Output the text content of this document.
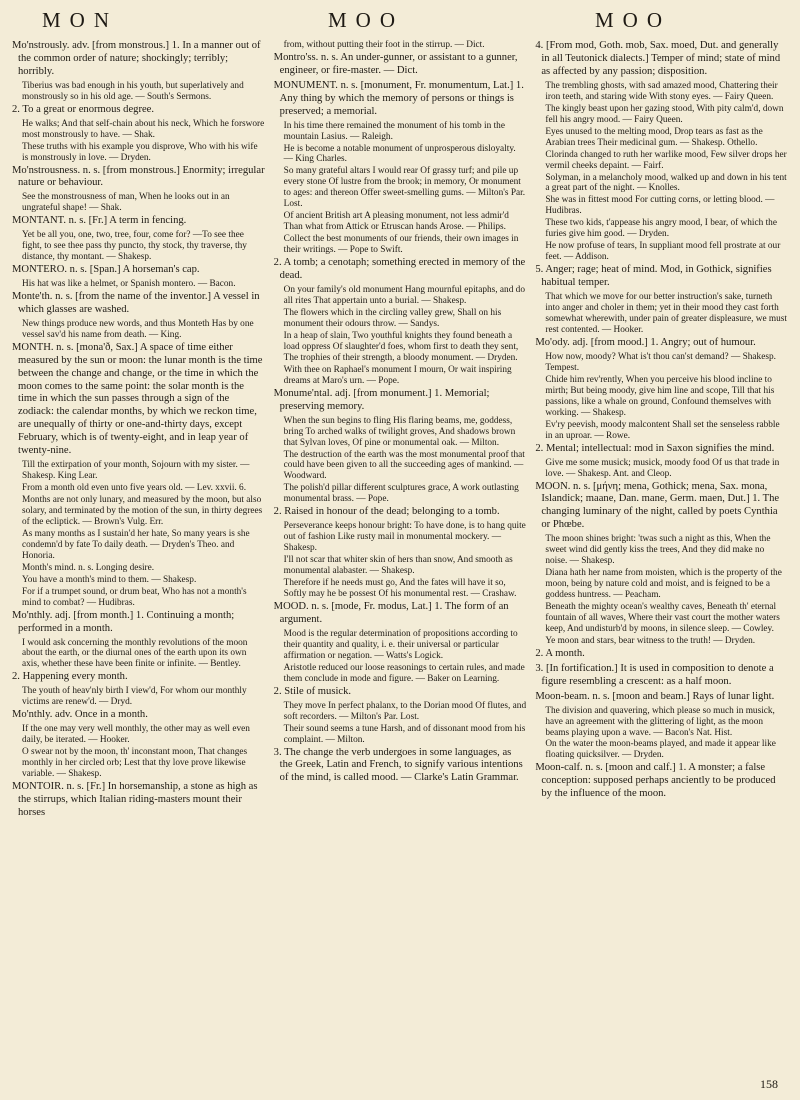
MON	MOO	MOO

Mo'nstrously. adv. [from monstrous.] 1. In a manner out of the common order of nature; shockingly; terribly; horribly.

Tiberius was bad enough in his youth, but superlatively and monstrously so in his old age. — South's Sermons.

2. To a great or enormous degree.

He walks; And that self-chain about his neck, Which he forswore most monstrously to have. — Shak.

These truths with his example you disprove, Who with his wife is monstrously in love. — Dryden.

Mo'nstrousness. n. s. [from monstrous.] Enormity; irregular nature or behaviour.

See the monstrousness of man, When he looks out in an ungrateful shape! — Shak.

MONTANT. n. s. [Fr.] A term in fencing.

Yet be all you, one, two, tree, four, come for? —To see thee fight, to see thee pass thy puncto, thy stock, thy traverse, thy distance, thy montant. — Shakesp.

MONTERO. n. s. [Span.] A horseman's cap.

His hat was like a helmet, or Spanish montero. — Bacon.

Monte'th. n. s. [from the name of the inventor.] A vessel in which glasses are washed.

New things produce new words, and thus Monteth Has by one vessel sav'd his name from death. — King.

MONTH. n. s. [mona'ð, Sax.] A space of time either measured by the sun or moon: the lunar month is the time between the change and change, or the time in which the moon comes to the same point: the solar month is the time in which the sun passes through a sign of the zodiack: the calendar months, by which we reckon time, are unequally of thirty or one-and-thirty days, except February, which is of twenty-eight, and in leap year of twenty-nine.

Till the extirpation of your month, Sojourn with my sister. — Shakesp. King Lear.

From a month old even unto five years old. — Lev. xxvii. 6.

Months are not only lunary, and measured by the moon, but also solary, and terminated by the motion of the sun, in thirty degrees of the ecliptick. — Brown's Vulg. Err.

As many months as I sustain'd her hate, So many years is she condemn'd by fate To daily death. — Dryden's Theo. and Honoria.

Month's mind. n. s. Longing desire.

You have a month's mind to them. — Shakesp.

For if a trumpet sound, or drum beat, Who has not a month's mind to combat? — Hudibras.

Mo'nthly. adj. [from month.] 1. Continuing a month; performed in a month.

I would ask concerning the monthly revolutions of the moon about the earth, or the diurnal ones of the earth upon its own axis, whether these have been finite or infinite. — Bentley.

2. Happening every month.

The youth of heav'nly birth I view'd, For whom our monthly victims are renew'd. — Dryd.

Mo'nthly. adv. Once in a month.

If the one may very well monthly, the other may as well even daily, be iterated. — Hooker.

O swear not by the moon, th' inconstant moon, That changes monthly in her circled orb; Lest that thy love prove likewise variable. — Shakesp.

MONTOIR. n. s. [Fr.] In horsemanship, a stone as high as the stirrups, which Italian riding-masters mount their horses

from, without putting their foot in the stirrup. — Dict.

Montro'ss. n. s. An under-gunner, or assistant to a gunner, engineer, or fire-master. — Dict.

MONUMENT. n. s. [monument, Fr. monumentum, Lat.] 1. Any thing by which the memory of persons or things is preserved; a memorial.

In his time there remained the monument of his tomb in the mountain Lasius. — Raleigh.

He is become a notable monument of unprosperous disloyalty. — King Charles.

So many grateful altars I would rear Of grassy turf; and pile up every stone Of lustre from the brook; in memory, Or monument to ages: and thereon Offer sweet-smelling gums. — Milton's Par. Lost.

Of ancient British art A pleasing monument, not less admir'd Than what from Attick or Etruscan hands Arose. — Philips.

Collect the best monuments of our friends, their own images in their writings. — Pope to Swift.

2. A tomb; a cenotaph; something erected in memory of the dead.

On your family's old monument Hang mournful epitaphs, and do all rites That appertain unto a burial. — Shakesp.

The flowers which in the circling valley grew, Shall on his monument their odours throw. — Sandys.

In a heap of slain, Two youthful knights they found beneath a load oppress Of slaughter'd foes, whom first to death they sent, The trophies of their strength, a bloody monument. — Dryden.

With thee on Raphael's monument I mourn, Or wait inspiring dreams at Maro's urn. — Pope.

Monume'ntal. adj. [from monument.] 1. Memorial; preserving memory.

When the sun begins to fling His flaring beams, me, goddess, bring To arched walks of twilight groves, And shadows brown that Sylvan loves, Of pine or monumental oak. — Milton.

The destruction of the earth was the most monumental proof that could have been given to all the succeeding ages of mankind. — Woodward.

The polish'd pillar different sculptures grace, A work outlasting monumental brass. — Pope.

2. Raised in honour of the dead; belonging to a tomb.

Perseverance keeps honour bright: To have done, is to hang quite out of fashion Like rusty mail in monumental mockery. — Shakesp.

I'll not scar that whiter skin of hers than snow, And smooth as monumental alabaster. — Shakesp.

Therefore if he needs must go, And the fates will have it so, Softly may he be possest Of his monumental rest. — Crashaw.

MOOD. n. s. [mode, Fr. modus, Lat.] 1. The form of an argument.

Mood is the regular determination of propositions according to their quantity and quality, i. e. their universal or particular affirmation or negation. — Watts's Logick.

Aristotle reduced our loose reasonings to certain rules, and made them conclude in mode and figure. — Baker on Learning.

2. Stile of musick.

They move In perfect phalanx, to the Dorian mood Of flutes, and soft recorders. — Milton's Par. Lost.

Their sound seems a tune Harsh, and of dissonant mood from his complaint. — Milton.

3. The change the verb undergoes in some languages, as the Greek, Latin and French, to signify various intentions of the mind, is called mood. — Clarke's Latin Grammar.

4. [From mod, Goth. mob, Sax. moed, Dut. and generally in all Teutonick dialects.] Temper of mind; state of mind as affected by any passion; disposition.

The trembling ghosts, with sad amazed mood, Chattering their iron teeth, and staring wide With stony eyes. — Fairy Queen.

The kingly beast upon her gazing stood, With pity calm'd, down fell his angry mood. — Fairy Queen.

Eyes unused to the melting mood, Drop tears as fast as the Arabian trees Their medicinal gum. — Shakesp. Othello.

Clorinda changed to ruth her warlike mood, Few silver drops her vermil cheeks depaint. — Fairf.

Solyman, in a melancholy mood, walked up and down in his tent a great part of the night. — Knolles.

She was in fittest mood For cutting corns, or letting blood. — Hudibras.

These two kids, t'appease his angry mood, I bear, of which the furies give him good. — Dryden.

He now profuse of tears, In suppliant mood fell prostrate at our feet. — Addison.

5. Anger; rage; heat of mind. Mod, in Gothick, signifies habitual temper.

That which we move for our better instruction's sake, turneth into anger and choler in them; yet in their mood they cast forth somewhat wherewith, under pain of greater displeasure, we must rest contented. — Hooker.

Mo'ody. adj. [from mood.] 1. Angry; out of humour.

How now, moody? What is't thou can'st demand? — Shakesp. Tempest.

Chide him rev'rently, When you perceive his blood incline to mirth; But being moody, give him line and scope, Till that his passions, like a whale on ground, Confound themselves with working. — Shakesp.

Ev'ry peevish, moody malcontent Shall set the senseless rabble in an uproar. — Rowe.

2. Mental; intellectual: mod in Saxon signifies the mind.

Give me some musick; musick, moody food Of us that trade in love. — Shakesp. Ant. and Cleop.

MOON. n. s. [μήνη; mena, Gothick; mena, Sax. mona, Islandick; maane, Dan. mane, Germ. maen, Dut.] 1. The changing luminary of the night, called by poets Cynthia or Phœbe.

The moon shines bright: 'twas such a night as this, When the sweet wind did gently kiss the trees, And they did make no noise. — Shakesp.

Diana hath her name from moisten, which is the property of the moon, being by nature cold and moist, and is feigned to be a goddess huntress. — Peacham.

Beneath the mighty ocean's wealthy caves, Beneath th' eternal fountain of all waves, Where their vast court the mother waters keep, And undisturb'd by moons, in silence sleep. — Cowley.

Ye moon and stars, bear witness to the truth! — Dryden.

2. A month.

3. [In fortification.] It is used in composition to denote a figure resembling a crescent: as a half moon.

Moon-beam. n. s. [moon and beam.] Rays of lunar light.

The division and quavering, which please so much in musick, have an agreement with the glittering of light, as the moon beams playing upon a wave. — Bacon's Nat. Hist.

On the water the moon-beams played, and made it appear like floating quicksilver. — Dryden.

Moon-calf. n. s. [moon and calf.] 1. A monster; a false conception: supposed perhaps anciently to be produced by the influence of the moon.

158
